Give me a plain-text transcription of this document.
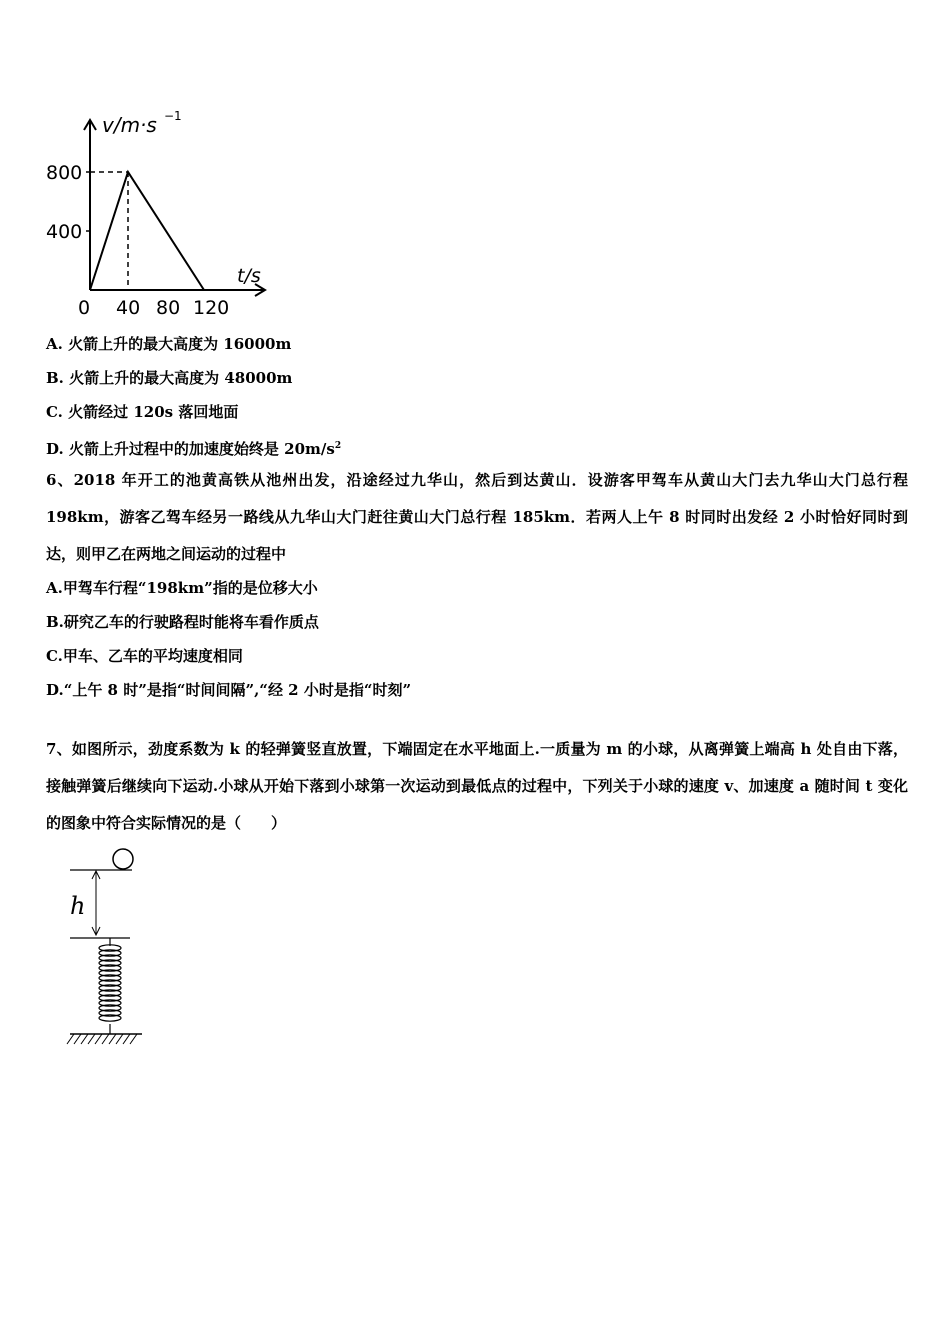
v/m·s −1
t/s
800
400
0 40 80 120
A. 火箭上升的最大高度为 16000m
B. 火箭上升的最大高度为 48000m
C. 火箭经过 120s 落回地面
D. 火箭上升过程中的加速度始终是 $20m/s^2$
6、2018 年开工的池黄高铁从池州出发，沿途经过九华山，然后到达黄山．设游客甲驾车从黄山大门去九华山大门总行程 198km，游客乙驾车经另一路线从九华山大门赶往黄山大门总行程 185km．若两人上午 8 时同时出发经 2 小时恰好同时到达，则甲乙在两地之间运动的过程中
A.甲驾车行程“198km”指的是位移大小
B.研究乙车的行驶路程时能将车看作质点
C.甲车、乙车的平均速度相同
D.“上午 8 时”是指“时间间隔”,“经 2 小时是指“时刻”
7、如图所示，劲度系数为 k 的轻弹簧竖直放置，下端固定在水平地面上.一质量为 m 的小球，从离弹簧上端高 h 处自由下落，接触弹簧后继续向下运动.小球从开始下落到小球第一次运动到最低点的过程中，下列关于小球的速度 v、加速度 a 随时间 t 变化的图象中符合实际情况的是（　　）
h
